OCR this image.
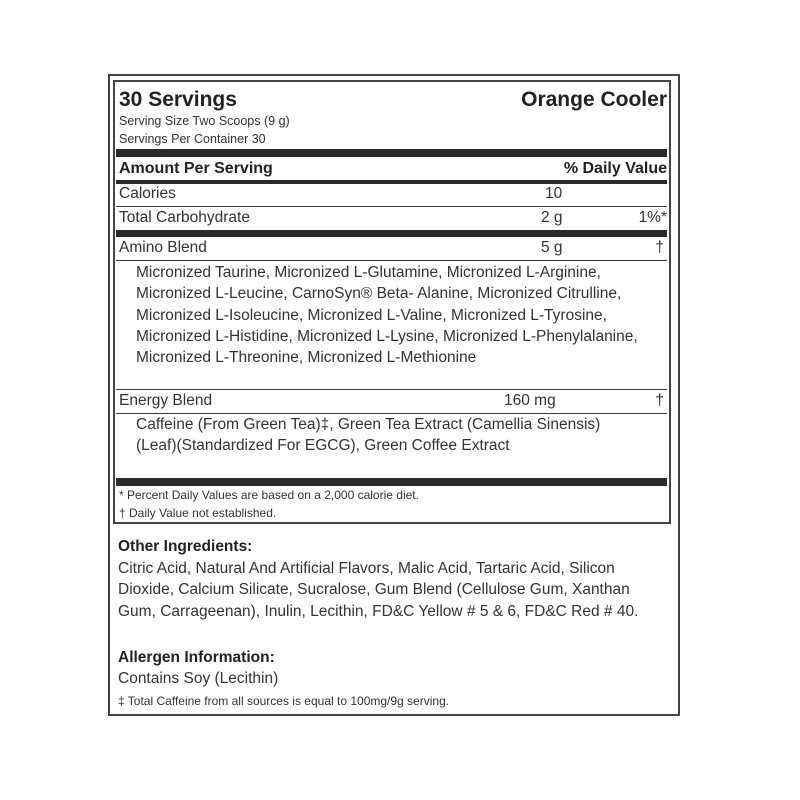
30 Servings	Orange Cooler
Serving Size Two Scoops (9 g)
Servings Per Container 30
Amount Per Serving	% Daily Value
Calories	10
Total Carbohydrate	2 g	1%*
Amino Blend	5 g	†
Micronized Taurine, Micronized L-Glutamine, Micronized L-Arginine, Micronized L-Leucine, CarnoSyn® Beta- Alanine, Micronized Citrulline, Micronized L-Isoleucine, Micronized L-Valine, Micronized L-Tyrosine, Micronized L-Histidine, Micronized L-Lysine, Micronized L-Phenylalanine, Micronized L-Threonine, Micronized L-Methionine
Energy Blend	160 mg	†
Caffeine (From Green Tea)‡, Green Tea Extract (Camellia Sinensis)(Leaf)(Standardized For EGCG), Green Coffee Extract
* Percent Daily Values are based on a 2,000 calorie diet.
† Daily Value not established.
Other Ingredients:
Citric Acid, Natural And Artificial Flavors, Malic Acid, Tartaric Acid, Silicon Dioxide, Calcium Silicate, Sucralose, Gum Blend (Cellulose Gum, Xanthan Gum, Carrageenan), Inulin, Lecithin, FD&C Yellow # 5 & 6, FD&C Red # 40.
Allergen Information:
Contains Soy (Lecithin)
‡ Total Caffeine from all sources is equal to 100mg/9g serving.
